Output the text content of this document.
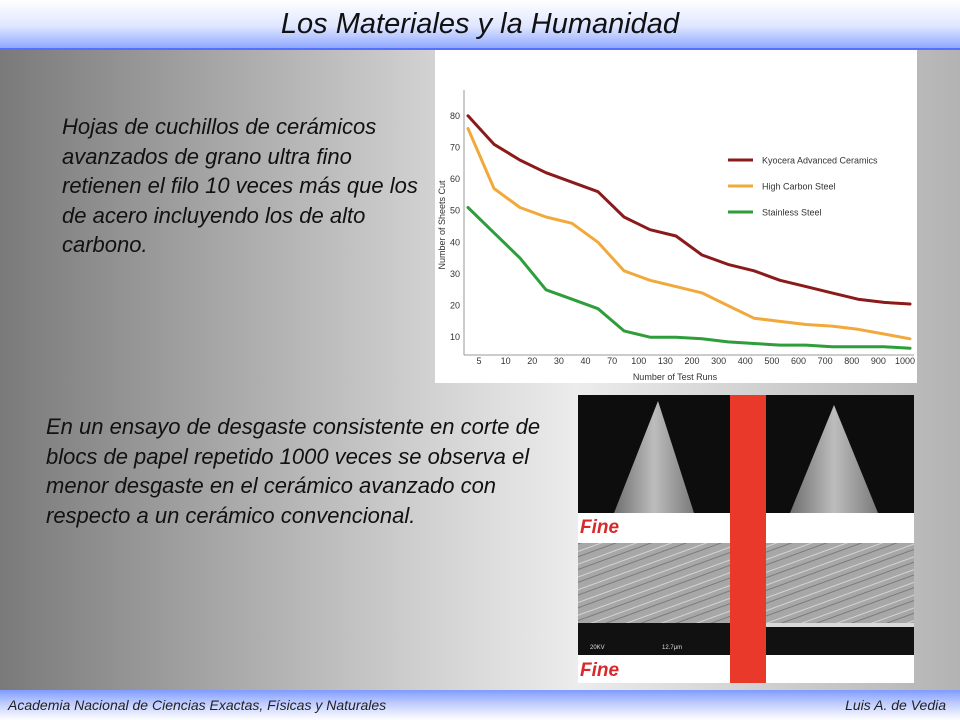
Los Materiales y la Humanidad
Hojas de cuchillos de cerámicos avanzados de grano ultra fino retienen el filo 10 veces más que los de acero incluyendo los de alto carbono.
En un ensayo de desgaste consistente en corte de blocs de papel repetido 1000 veces se observa el menor desgaste en el cerámico avanzado con respecto a un cerámico convencional.
Number of Sheets Cut
Number of Test Runs
10
20
30
40
50
60
70
80
5 10 20 30 40 70 100 130 200 300 400 500 600 700 800 900 1000
Kyocera Advanced Ceramics
High Carbon Steel
Stainless Steel
Fine
20KV	12.7μm
Fine
Academia Nacional de Ciencias Exactas, Físicas y Naturales	Luis A. de Vedia
